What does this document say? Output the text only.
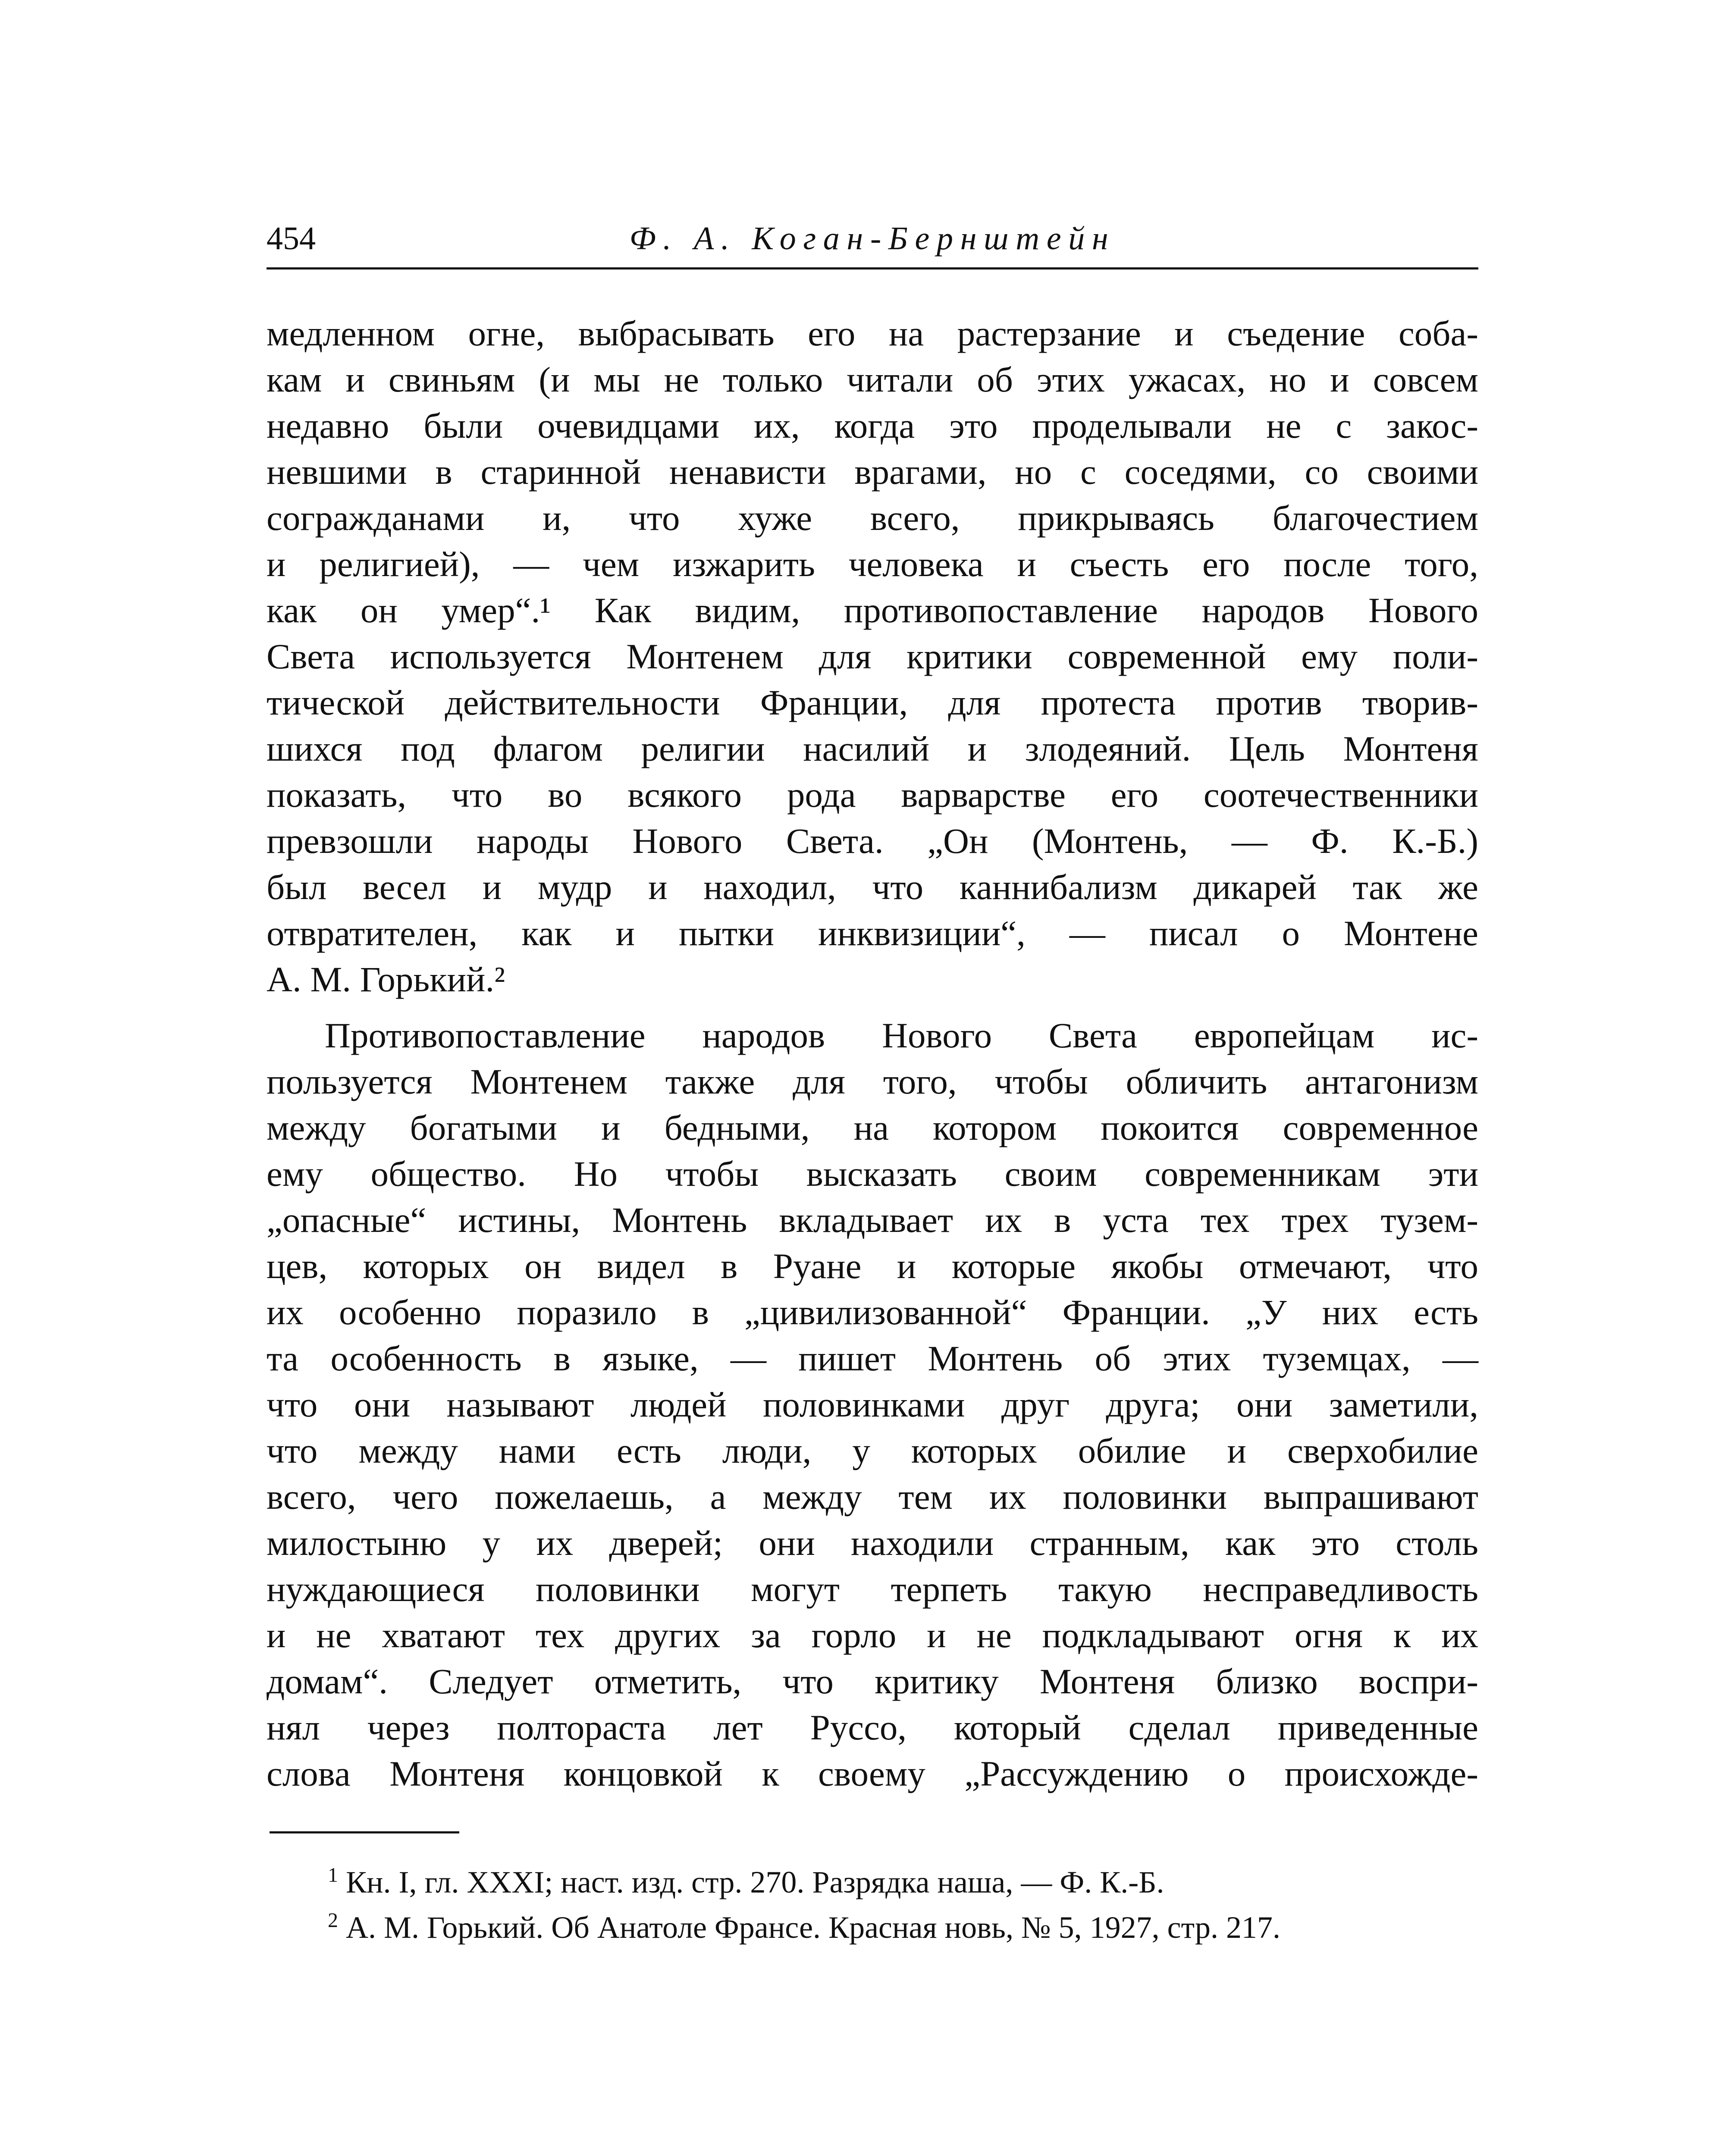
454	Ф. А. Коган-Бернштейн
медленном огне, выбрасывать его на растерзание и съедение соба-
кам и свиньям (и мы не только читали об этих ужасах, но и совсем
недавно были очевидцами их, когда это проделывали не с закос-
невшими в старинной ненависти врагами, но с соседями, со своими
согражданами и, что хуже всего, прикрываясь благочестием
и религией), — чем изжарить человека и съесть его после того,
как он умер“.¹ Как видим, противопоставление народов Нового
Света используется Монтенем для критики современной ему поли-
тической действительности Франции, для протеста против творив-
шихся под флагом религии насилий и злодеяний. Цель Монтеня
показать, что во всякого рода варварстве его соотечественники
превзошли народы Нового Света. „Он (Монтень, — Ф. К.-Б.)
был весел и мудр и находил, что каннибализм дикарей так же
отвратителен, как и пытки инквизиции“, — писал о Монтене
А. М. Горький.²
Противопоставление народов Нового Света европейцам ис-
пользуется Монтенем также для того, чтобы обличить антагонизм
между богатыми и бедными, на котором покоится современное
ему общество. Но чтобы высказать своим современникам эти
„опасные“ истины, Монтень вкладывает их в уста тех трех тузем-
цев, которых он видел в Руане и которые якобы отмечают, что
их особенно поразило в „цивилизованной“ Франции. „У них есть
та особенность в языке, — пишет Монтень об этих туземцах, —
что они называют людей половинками друг друга; они заметили,
что между нами есть люди, у которых обилие и сверхобилие
всего, чего пожелаешь, а между тем их половинки выпрашивают
милостыню у их дверей; они находили странным, как это столь
нуждающиеся половинки могут терпеть такую несправедливость
и не хватают тех других за горло и не подкладывают огня к их
домам“. Следует отметить, что критику Монтеня близко воспри-
нял через полтораста лет Руссо, который сделал приведенные
слова Монтеня концовкой к своему „Рассуждению о происхожде-
$^1$ Кн. I, гл. XXXI; наст. изд. стр. 270. Разрядка наша, — Ф. К.-Б.
$^2$ А. М. Горький. Об Анатоле Франсе. Красная новь, № 5, 1927, стр. 217.
